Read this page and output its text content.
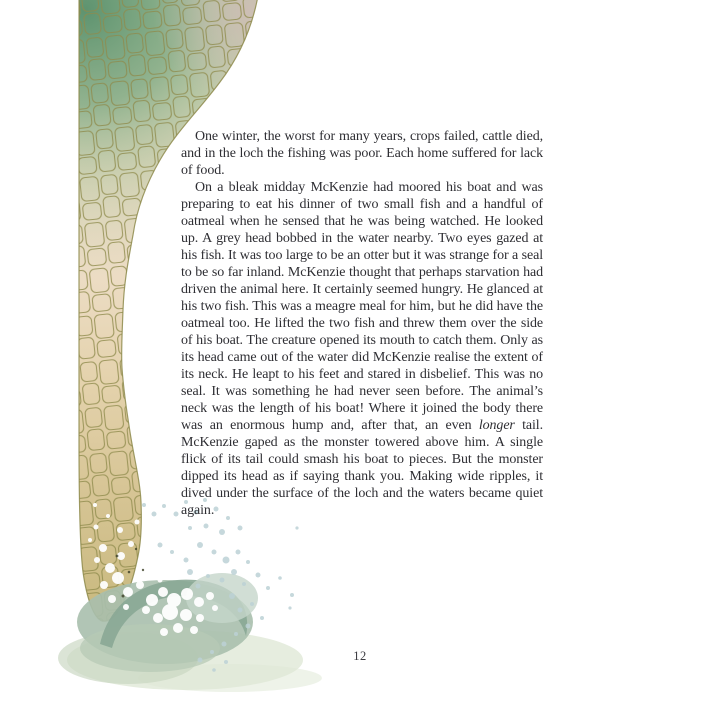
One winter, the worst for many years, crops failed, cattle died, and in the loch the fishing was poor. Each home suffered for lack of food.

On a bleak midday McKenzie had moored his boat and was preparing to eat his dinner of two small fish and a handful of oatmeal when he sensed that he was being watched. He looked up. A grey head bobbed in the water nearby. Two eyes gazed at his fish. It was too large to be an otter but it was strange for a seal to be so far inland. McKenzie thought that perhaps starvation had driven the animal here. It certainly seemed hungry. He glanced at his two fish. This was a meagre meal for him, but he did have the oatmeal too. He lifted the two fish and threw them over the side of his boat. The creature opened its mouth to catch them. Only as its head came out of the water did McKenzie realise the extent of its neck. He leapt to his feet and stared in disbelief. This was no seal. It was something he had never seen before. The animal’s neck was the length of his boat! Where it joined the body there was an enormous hump and, after that, an even longer tail. McKenzie gaped as the monster towered above him. A single flick of its tail could smash his boat to pieces. But the monster dipped its head as if saying thank you. Making wide ripples, it dived under the surface of the loch and the waters became quiet again.

12
